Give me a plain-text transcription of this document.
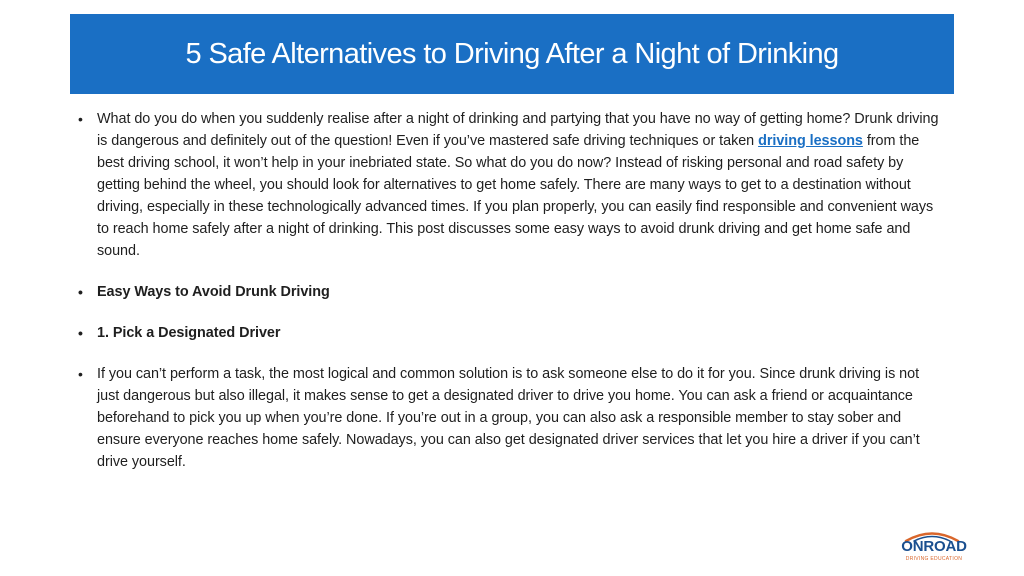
5 Safe Alternatives to Driving After a Night of Drinking
• What do you do when you suddenly realise after a night of drinking and partying that you have no way of getting home? Drunk driving is dangerous and definitely out of the question! Even if you’ve mastered safe driving techniques or taken driving lessons from the best driving school, it won’t help in your inebriated state. So what do you do now? Instead of risking personal and road safety by getting behind the wheel, you should look for alternatives to get home safely. There are many ways to get to a destination without driving, especially in these technologically advanced times. If you plan properly, you can easily find responsible and convenient ways to reach home safely after a night of drinking. This post discusses some easy ways to avoid drunk driving and get home safe and sound.
• Easy Ways to Avoid Drunk Driving
• 1. Pick a Designated Driver
• If you can’t perform a task, the most logical and common solution is to ask someone else to do it for you. Since drunk driving is not just dangerous but also illegal, it makes sense to get a designated driver to drive you home. You can ask a friend or acquaintance beforehand to pick you up when you’re done. If you’re out in a group, you can also ask a responsible member to stay sober and ensure everyone reaches home safely. Nowadays, you can also get designated driver services that let you hire a driver if you can’t drive yourself.
ONROAD
DRIVING EDUCATION
